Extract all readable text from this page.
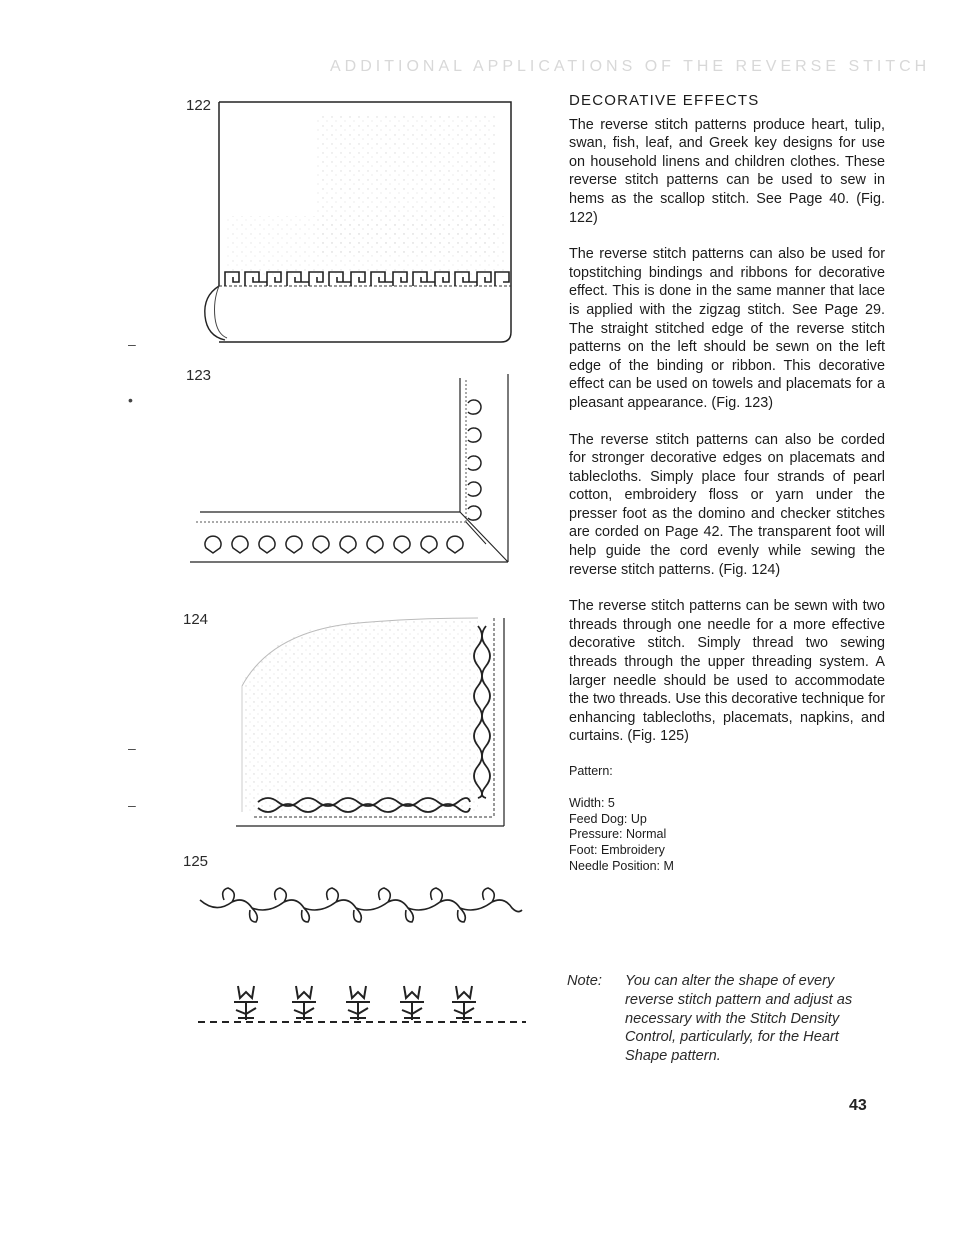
ADDITIONAL APPLICATIONS OF THE REVERSE STITCH
–
•
–
–
122
123
124
125
DECORATIVE EFFECTS

The reverse stitch patterns produce heart, tulip, swan, fish, leaf, and Greek key designs for use on household linens and children clothes. These reverse stitch patterns can be used to sew in hems as the scallop stitch. See Page 40. (Fig. 122)

The reverse stitch patterns can also be used for topstitching bindings and ribbons for decorative effect. This is done in the same manner that lace is applied with the zigzag stitch. See Page 29. The straight stitched edge of the reverse stitch patterns on the left should be sewn on the left edge of the binding or ribbon. This decorative effect can be used on towels and placemats for a pleasant appearance. (Fig. 123)

The reverse stitch patterns can also be corded for stronger decorative edges on placemats and tablecloths. Simply place four strands of pearl cotton, embroidery floss or yarn under the presser foot as the domino and checker stitches are corded on Page 42. The transparent foot will help guide the cord evenly while sewing the reverse stitch patterns. (Fig. 124)

The reverse stitch patterns can be sewn with two threads through one needle for a more effective decorative stitch. Simply thread two sewing threads through the upper threading system. A larger needle should be used to accommodate the two threads. Use this decorative technique for enhancing tablecloths, placemats, napkins, and curtains. (Fig. 125)

Pattern:

Width: 5

Feed Dog: Up

Pressure: Normal

Foot: Embroidery

Needle Position: M

Note: You can alter the shape of every reverse stitch pattern and adjust as necessary with the Stitch Density Control, particularly, for the Heart Shape pattern.
43
